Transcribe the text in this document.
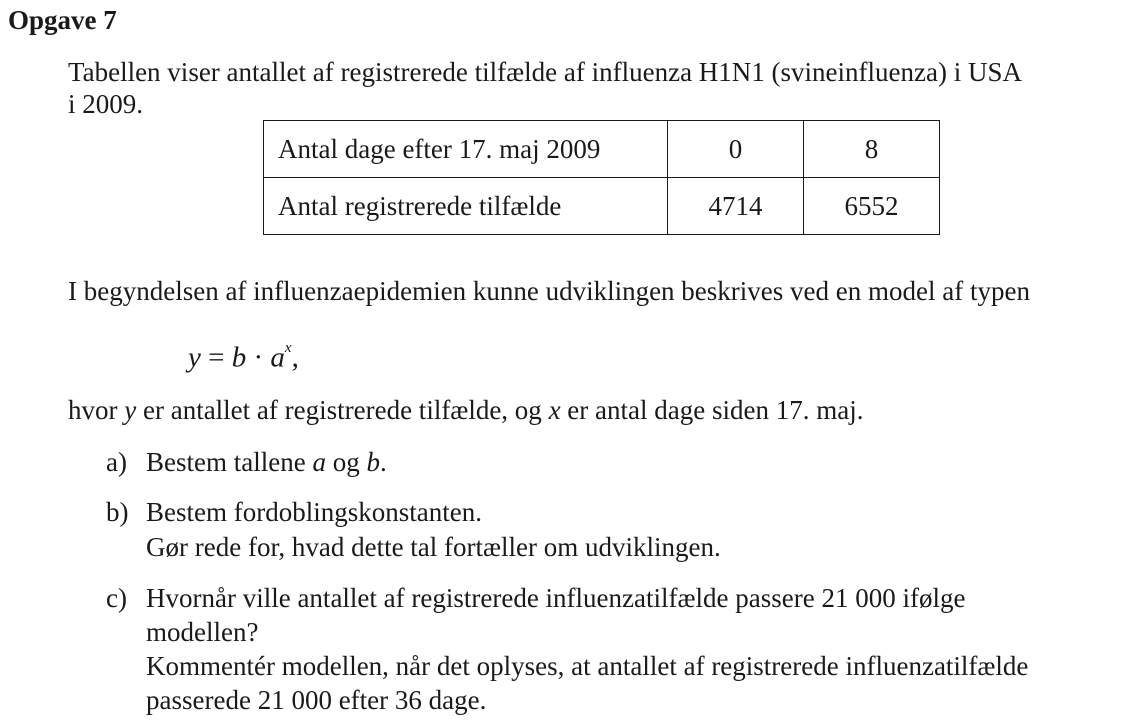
Opgave 7
Tabellen viser antallet af registrerede tilfælde af influenza H1N1 (svineinfluenza) i USA
i 2009.
Antal dage efter 17. maj 2009	0	8
Antal registrerede tilfælde	4714	6552
I begyndelsen af influenzaepidemien kunne udviklingen beskrives ved en model af typen
$y = b \cdot a^x$,
hvor y er antallet af registrerede tilfælde, og x er antal dage siden 17. maj.
a) Bestem tallene a og b.
b) Bestem fordoblingskonstanten.
Gør rede for, hvad dette tal fortæller om udviklingen.
c) Hvornår ville antallet af registrerede influenzatilfælde passere 21 000 ifølge
modellen?
Kommentér modellen, når det oplyses, at antallet af registrerede influenzatilfælde
passerede 21 000 efter 36 dage.
